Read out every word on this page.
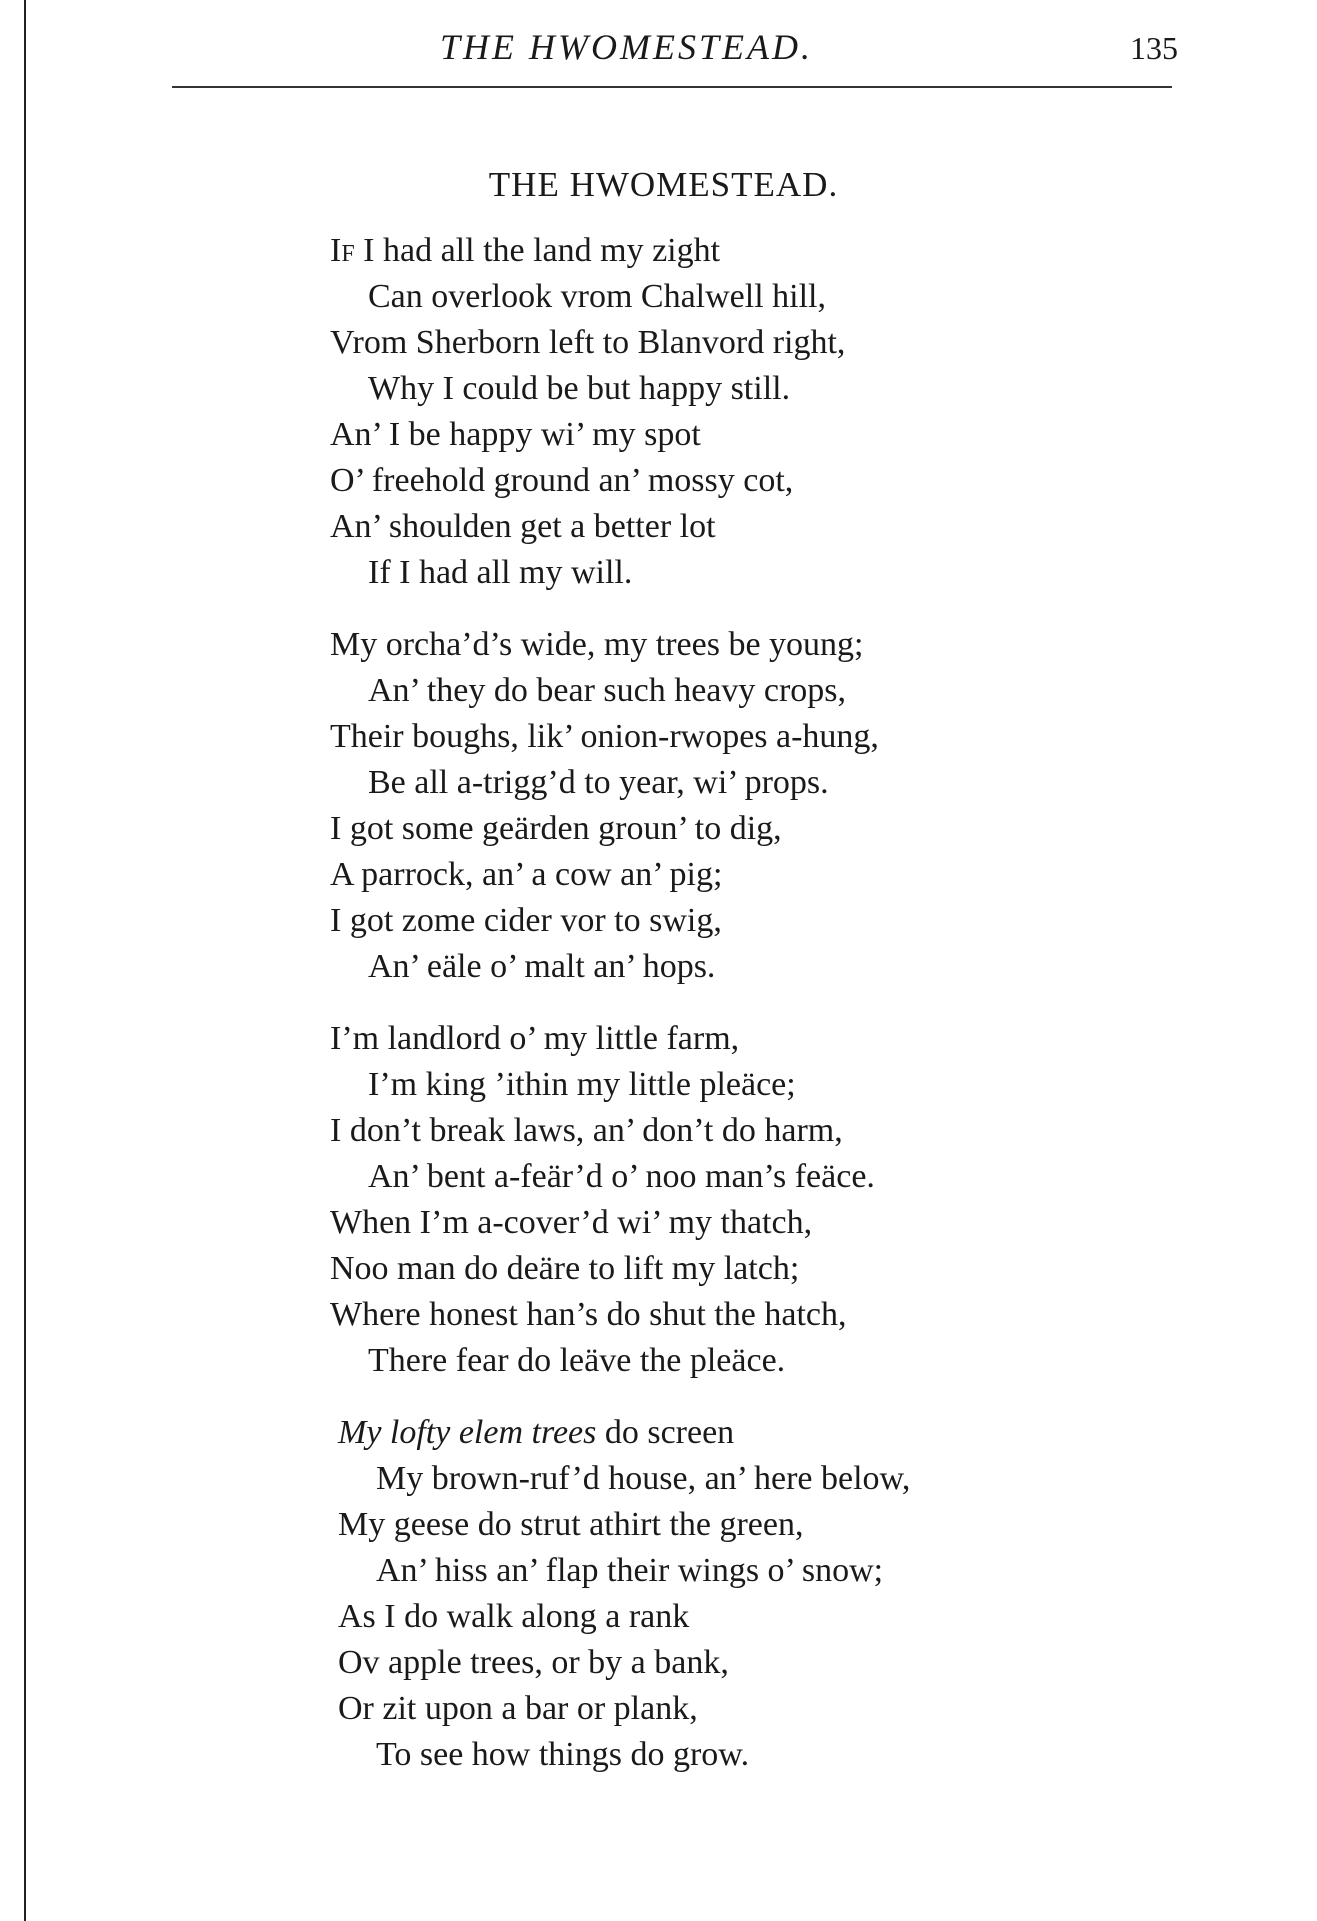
THE HWOMESTEAD.	135
THE HWOMESTEAD.
If I had all the land my zight
Can overlook vrom Chalwell hill,
Vrom Sherborn left to Blanvord right,
Why I could be but happy still.
An’ I be happy wi’ my spot
O’ freehold ground an’ mossy cot,
An’ shoulden get a better lot
If I had all my will.
My orcha’d’s wide, my trees be young;
An’ they do bear such heavy crops,
Their boughs, lik’ onion-rwopes a-hung,
Be all a-trigg’d to year, wi’ props.
I got some geärden groun’ to dig,
A parrock, an’ a cow an’ pig;
I got zome cider vor to swig,
An’ eäle o’ malt an’ hops.
I’m landlord o’ my little farm,
I’m king ’ithin my little pleäce;
I don’t break laws, an’ don’t do harm,
An’ bent a-feär’d o’ noo man’s feäce.
When I’m a-cover’d wi’ my thatch,
Noo man do deäre to lift my latch;
Where honest han’s do shut the hatch,
There fear do leäve the pleäce.
My lofty elem trees do screen
My brown-ruf’d house, an’ here below,
My geese do strut athirt the green,
An’ hiss an’ flap their wings o’ snow;
As I do walk along a rank
Ov apple trees, or by a bank,
Or zit upon a bar or plank,
To see how things do grow.
